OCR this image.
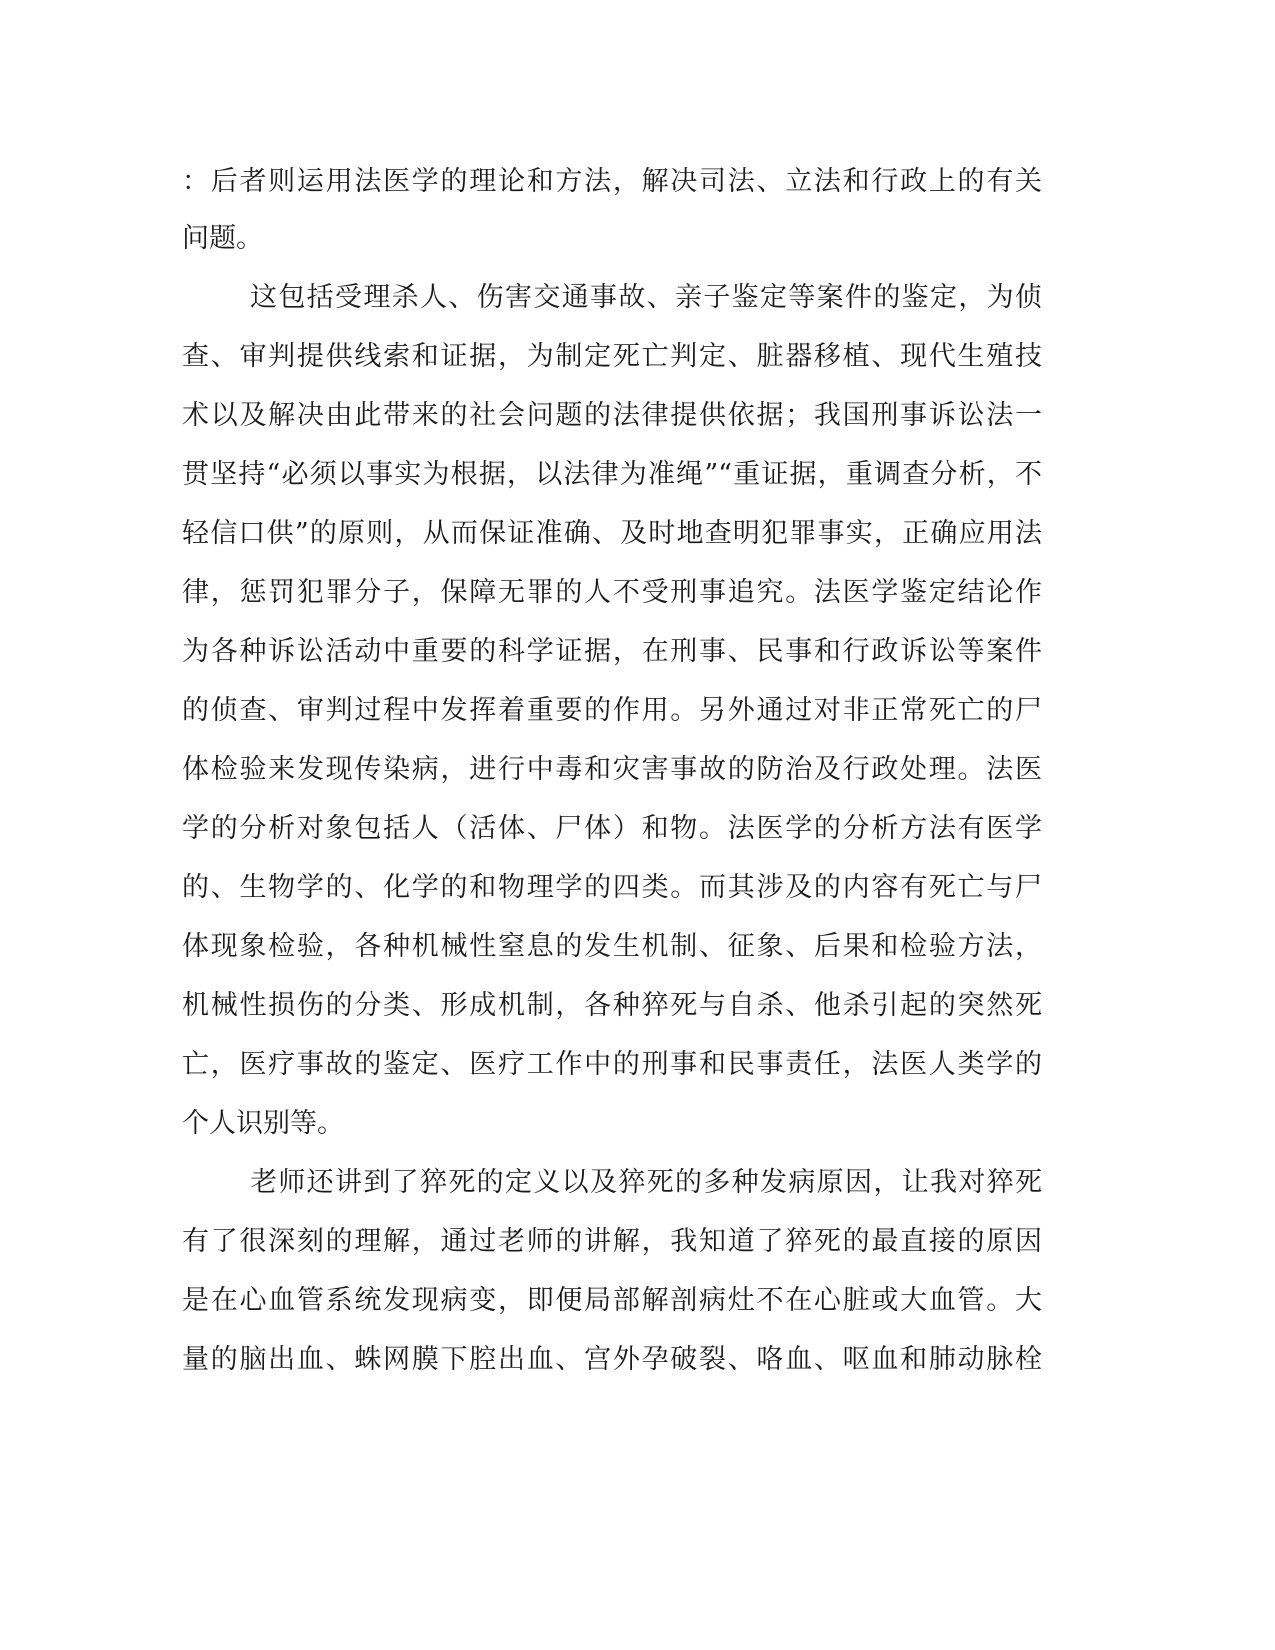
：后者则运用法医学的理论和方法，解决司法、立法和行政上的有关
问题。
这包括受理杀人、伤害交通事故、亲子鉴定等案件的鉴定，为侦
查、审判提供线索和证据，为制定死亡判定、脏器移植、现代生殖技
术以及解决由此带来的社会问题的法律提供依据；我国刑事诉讼法一
贯坚持“必须以事实为根据，以法律为准绳”“重证据，重调查分析，不
轻信口供”的原则，从而保证准确、及时地查明犯罪事实，正确应用法
律，惩罚犯罪分子，保障无罪的人不受刑事追究。法医学鉴定结论作
为各种诉讼活动中重要的科学证据，在刑事、民事和行政诉讼等案件
的侦查、审判过程中发挥着重要的作用。另外通过对非正常死亡的尸
体检验来发现传染病，进行中毒和灾害事故的防治及行政处理。法医
学的分析对象包括人（活体、尸体）和物。法医学的分析方法有医学
的、生物学的、化学的和物理学的四类。而其涉及的内容有死亡与尸
体现象检验，各种机械性窒息的发生机制、征象、后果和检验方法，
机械性损伤的分类、形成机制，各种猝死与自杀、他杀引起的突然死
亡，医疗事故的鉴定、医疗工作中的刑事和民事责任，法医人类学的
个人识别等。
老师还讲到了猝死的定义以及猝死的多种发病原因，让我对猝死
有了很深刻的理解，通过老师的讲解，我知道了猝死的最直接的原因
是在心血管系统发现病变，即便局部解剖病灶不在心脏或大血管。大
量的脑出血、蛛网膜下腔出血、宫外孕破裂、咯血、呕血和肺动脉栓
